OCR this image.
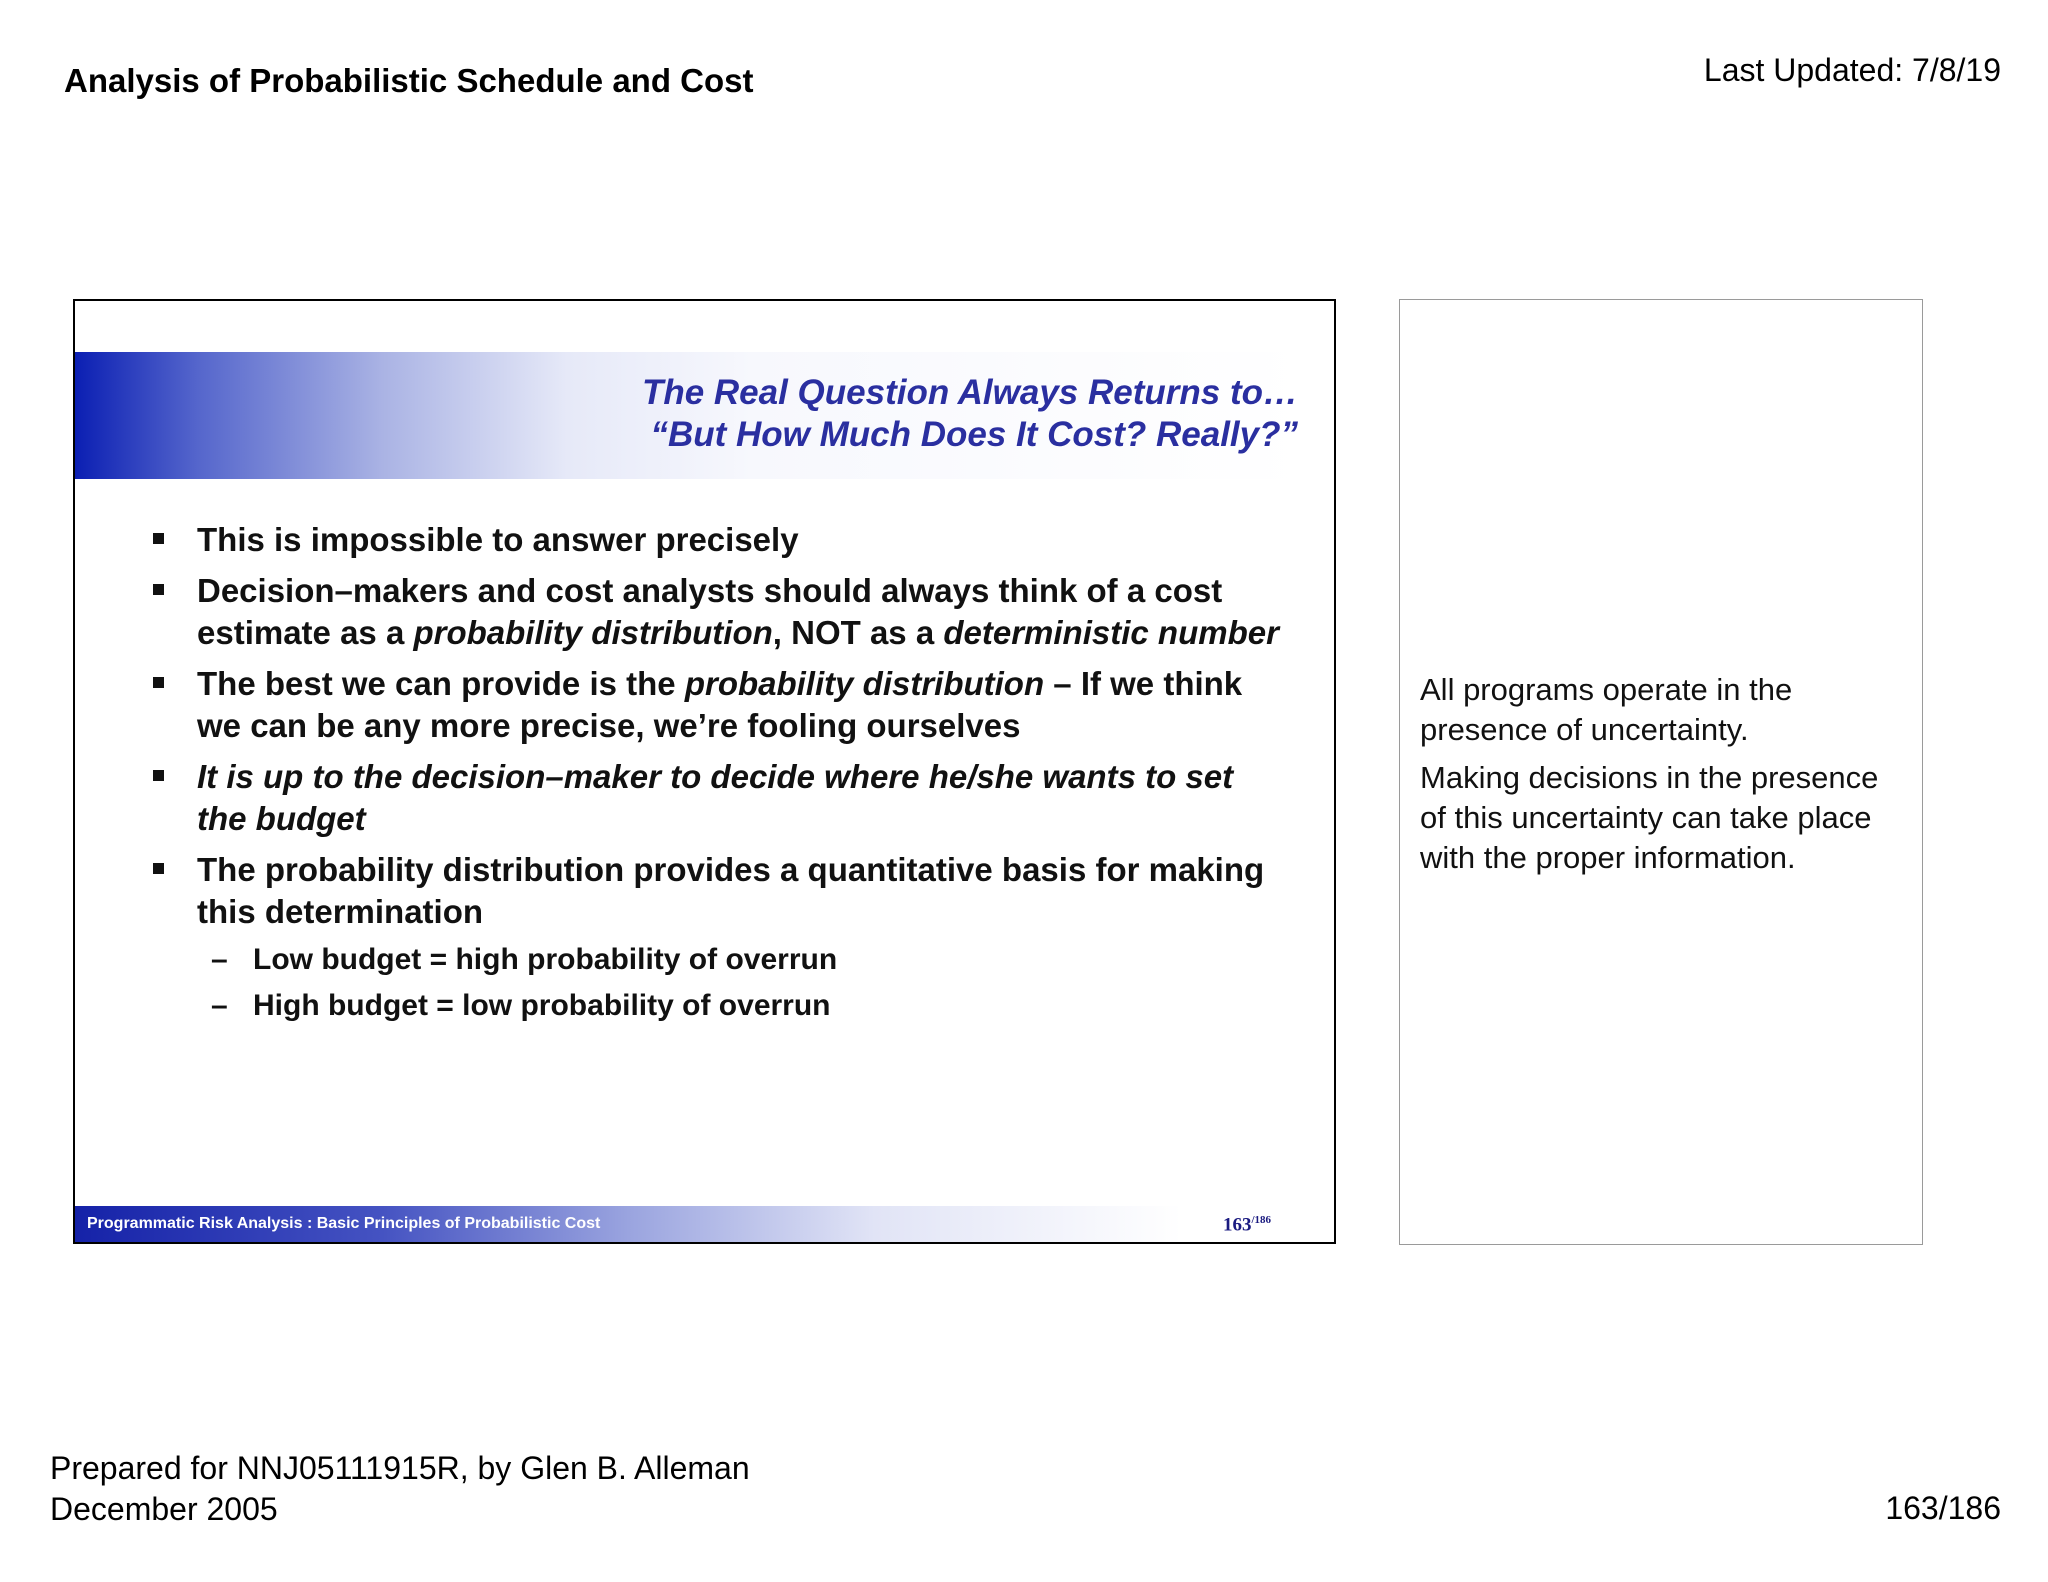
Analysis of Probabilistic Schedule and Cost	Last Updated: 7/8/19
The Real Question Always Returns to…
“But How Much Does It Cost? Really?”
This is impossible to answer precisely
Decision–makers and cost analysts should always think of a cost estimate as a probability distribution, NOT as a deterministic number
The best we can provide is the probability distribution – If we think we can be any more precise, we’re fooling ourselves
It is up to the decision–maker to decide where he/she wants to set the budget
The probability distribution provides a quantitative basis for making this determination
– Low budget = high probability of overrun
– High budget = low probability of overrun
Programmatic Risk Analysis : Basic Principles of Probabilistic Cost	$163^{/186}$

All programs operate in the presence of uncertainty.

Making decisions in the presence of this uncertainty can take place with the proper information.

Prepared for NNJ05111915R, by Glen B. Alleman
December 2005	163/186
